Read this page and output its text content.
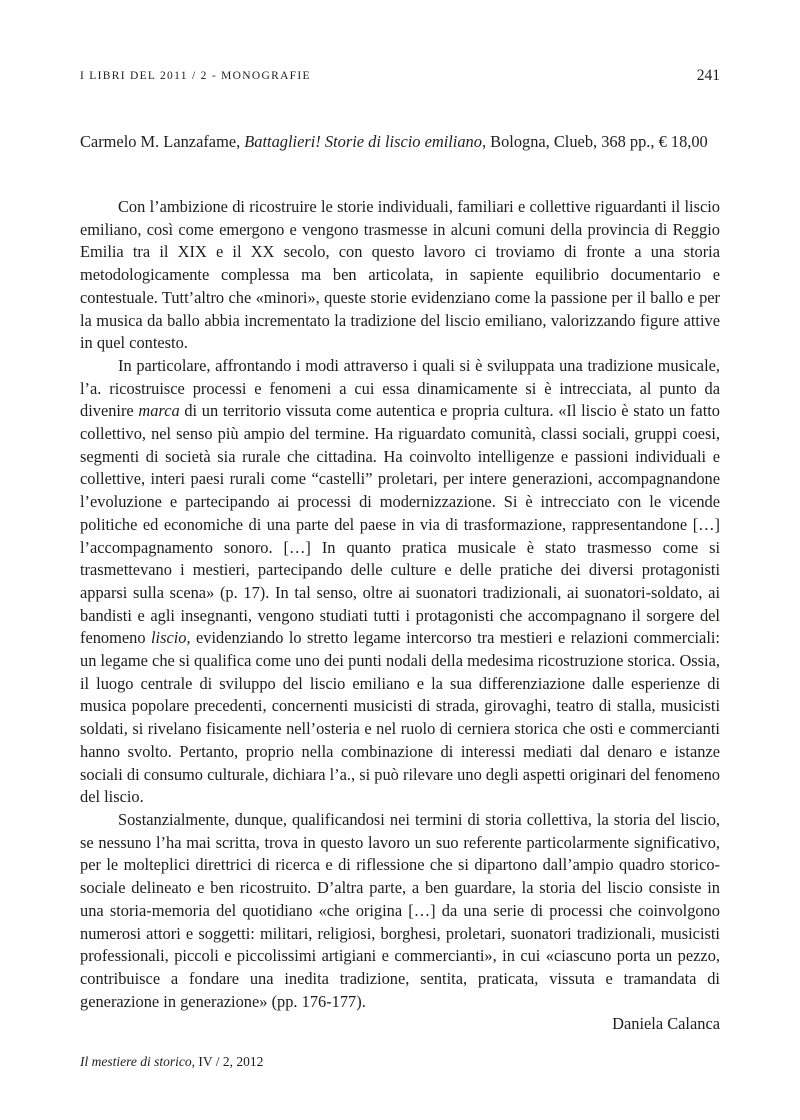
I LIBRI DEL 2011 / 2 - MONOGRAFIE	241
Carmelo M. Lanzafame, Battaglieri! Storie di liscio emiliano, Bologna, Clueb, 368 pp., € 18,00

Con l’ambizione di ricostruire le storie individuali, familiari e collettive riguardanti il liscio emiliano, così come emergono e vengono trasmesse in alcuni comuni della provincia di Reggio Emilia tra il XIX e il XX secolo, con questo lavoro ci troviamo di fronte a una storia metodologicamente complessa ma ben articolata, in sapiente equilibrio documentario e contestuale. Tutt’altro che «minori», queste storie evidenziano come la passione per il ballo e per la musica da ballo abbia incrementato la tradizione del liscio emiliano, valorizzando figure attive in quel contesto.

In particolare, affrontando i modi attraverso i quali si è sviluppata una tradizione musicale, l’a. ricostruisce processi e fenomeni a cui essa dinamicamente si è intrecciata, al punto da divenire marca di un territorio vissuta come autentica e propria cultura. «Il liscio è stato un fatto collettivo, nel senso più ampio del termine. Ha riguardato comunità, classi sociali, gruppi coesi, segmenti di società sia rurale che cittadina. Ha coinvolto intelligenze e passioni individuali e collettive, interi paesi rurali come “castelli” proletari, per intere generazioni, accompagnandone l’evoluzione e partecipando ai processi di modernizzazione. Si è intrecciato con le vicende politiche ed economiche di una parte del paese in via di trasformazione, rappresentandone […] l’accompagnamento sonoro. […] In quanto pratica musicale è stato trasmesso come si trasmettevano i mestieri, partecipando delle culture e delle pratiche dei diversi protagonisti apparsi sulla scena» (p. 17). In tal senso, oltre ai suonatori tradizionali, ai suonatori-soldato, ai bandisti e agli insegnanti, vengono studiati tutti i protagonisti che accompagnano il sorgere del fenomeno liscio, evidenziando lo stretto legame intercorso tra mestieri e relazioni commerciali: un legame che si qualifica come uno dei punti nodali della medesima ricostruzione storica. Ossia, il luogo centrale di sviluppo del liscio emiliano e la sua differenziazione dalle esperienze di musica popolare precedenti, concernenti musicisti di strada, girovaghi, teatro di stalla, musicisti soldati, si rivelano fisicamente nell’osteria e nel ruolo di cerniera storica che osti e commercianti hanno svolto. Pertanto, proprio nella combinazione di interessi mediati dal denaro e istanze sociali di consumo culturale, dichiara l’a., si può rilevare uno degli aspetti originari del fenomeno del liscio.

Sostanzialmente, dunque, qualificandosi nei termini di storia collettiva, la storia del liscio, se nessuno l’ha mai scritta, trova in questo lavoro un suo referente particolarmente significativo, per le molteplici direttrici di ricerca e di riflessione che si dipartono dall’ampio quadro storico-sociale delineato e ben ricostruito. D’altra parte, a ben guardare, la storia del liscio consiste in una storia-memoria del quotidiano «che origina […] da una serie di processi che coinvolgono numerosi attori e soggetti: militari, religiosi, borghesi, proletari, suonatori tradizionali, musicisti professionali, piccoli e piccolissimi artigiani e commercianti», in cui «ciascuno porta un pezzo, contribuisce a fondare una inedita tradizione, sentita, praticata, vissuta e tramandata di generazione in generazione» (pp. 176-177).

Daniela Calanca

Il mestiere di storico, IV / 2, 2012
